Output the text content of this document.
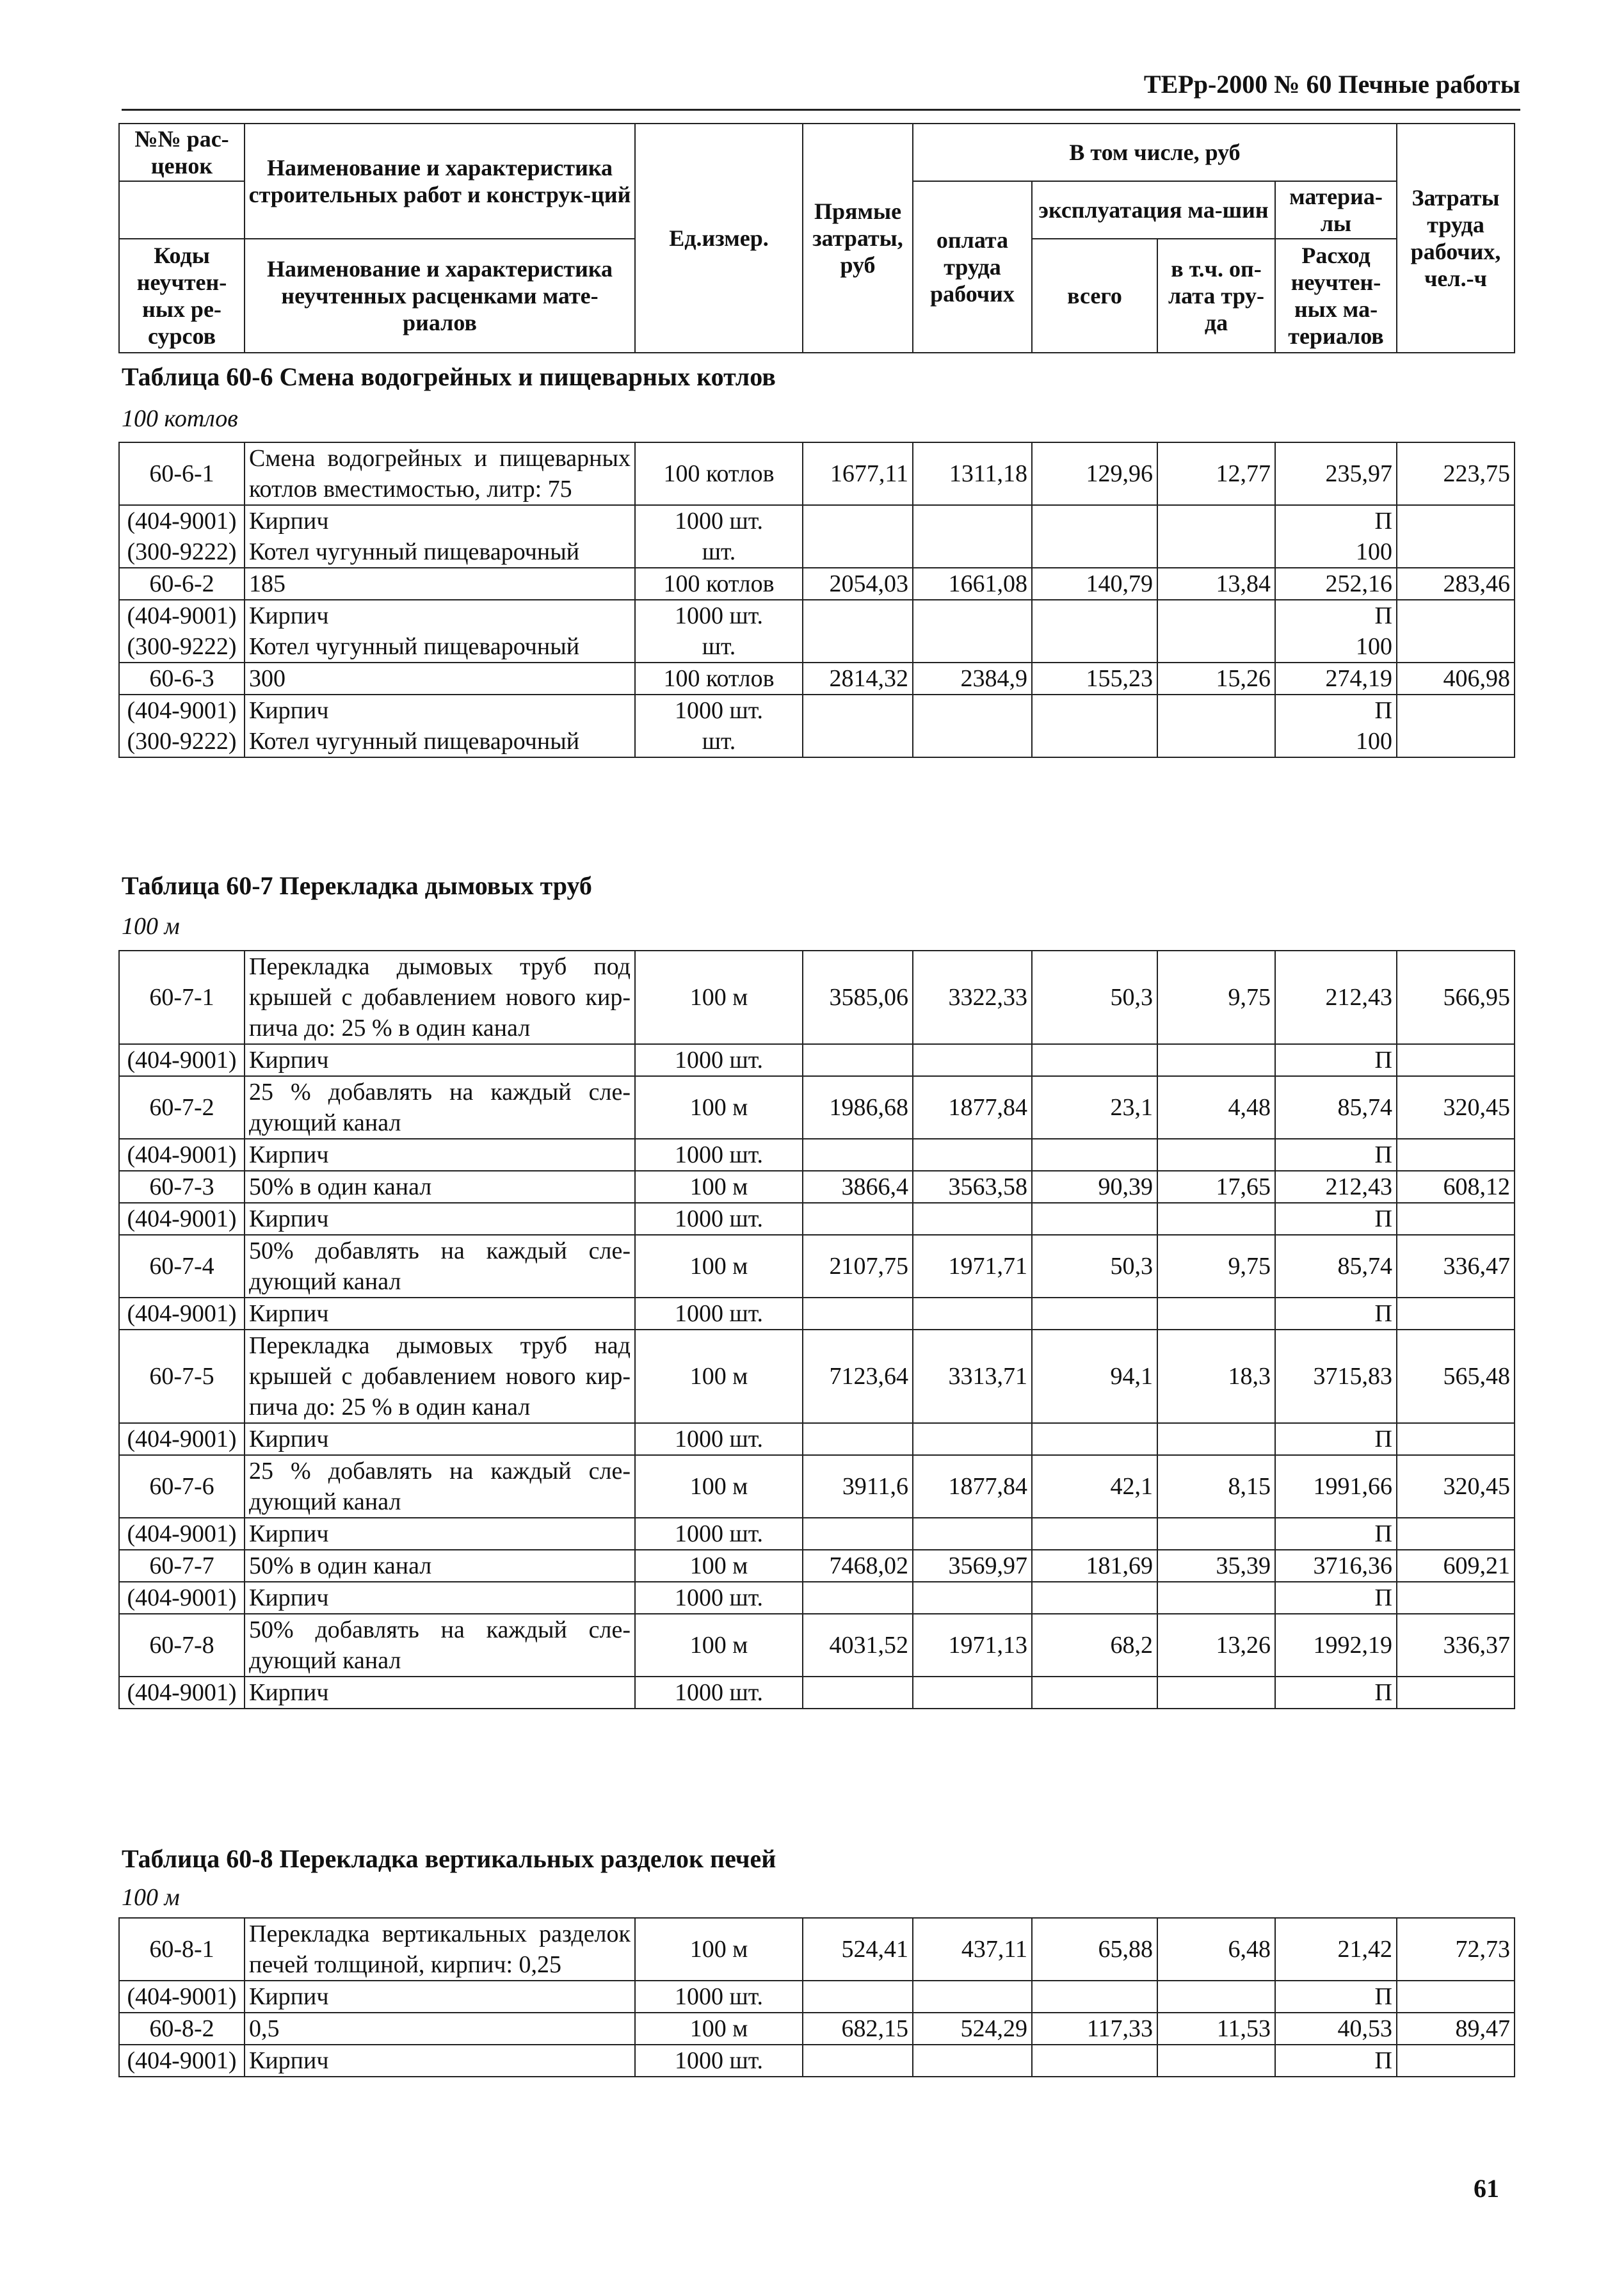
ТЕРр-2000 № 60 Печные работы
№№ рас-ценок	Наименование и характеристика строительных работ и конструк-ций	Ед.измер.	Прямые затраты, руб	В том числе, руб				Затраты труда рабочих, чел.-ч
				оплата труда рабочих	эксплуатация ма-шин		материа-лы	
Коды неучтен-ных ре-сурсов	Наименование и характеристика неучтенных расценками мате-риалов				всего	в т.ч. оп-лата тру-да	Расход неучтен-ных ма-териалов	

Таблица 60-6 Смена водогрейных и пищеварных котлов
100 котлов
60-6-1	Смена водогрейных и пищеварных котлов вместимостью, литр: 75	100 котлов	1677,11	1311,18	129,96	12,77	235,97	223,75
(404-9001)	Кирпич	1000 шт.					П	
(300-9222)	Котел чугунный пищеварочный	шт.					100	
60-6-2	185	100 котлов	2054,03	1661,08	140,79	13,84	252,16	283,46
(404-9001)	Кирпич	1000 шт.					П	
(300-9222)	Котел чугунный пищеварочный	шт.					100	
60-6-3	300	100 котлов	2814,32	2384,9	155,23	15,26	274,19	406,98
(404-9001)	Кирпич	1000 шт.					П	
(300-9222)	Котел чугунный пищеварочный	шт.					100	
Таблица 60-7 Перекладка дымовых труб
100 м
60-7-1	Перекладка дымовых труб под крышей с добавлением нового кир-пича до: 25 % в один канал	100 м	3585,06	3322,33	50,3	9,75	212,43	566,95
(404-9001)	Кирпич	1000 шт.					П	
60-7-2	25 % добавлять на каждый сле-дующий канал	100 м	1986,68	1877,84	23,1	4,48	85,74	320,45
(404-9001)	Кирпич	1000 шт.					П	
60-7-3	50% в один канал	100 м	3866,4	3563,58	90,39	17,65	212,43	608,12
(404-9001)	Кирпич	1000 шт.					П	
60-7-4	50% добавлять на каждый сле-дующий канал	100 м	2107,75	1971,71	50,3	9,75	85,74	336,47
(404-9001)	Кирпич	1000 шт.					П	
60-7-5	Перекладка дымовых труб над крышей с добавлением нового кир-пича до: 25 % в один канал	100 м	7123,64	3313,71	94,1	18,3	3715,83	565,48
(404-9001)	Кирпич	1000 шт.					П	
60-7-6	25 % добавлять на каждый сле-дующий канал	100 м	3911,6	1877,84	42,1	8,15	1991,66	320,45
(404-9001)	Кирпич	1000 шт.					П	
60-7-7	50% в один канал	100 м	7468,02	3569,97	181,69	35,39	3716,36	609,21
(404-9001)	Кирпич	1000 шт.					П	
60-7-8	50% добавлять на каждый сле-дующий канал	100 м	4031,52	1971,13	68,2	13,26	1992,19	336,37
(404-9001)	Кирпич	1000 шт.					П	
Таблица 60-8 Перекладка вертикальных разделок печей
100 м
60-8-1	Перекладка вертикальных разделок печей толщиной, кирпич: 0,25	100 м	524,41	437,11	65,88	6,48	21,42	72,73
(404-9001)	Кирпич	1000 шт.					П	
60-8-2	0,5	100 м	682,15	524,29	117,33	11,53	40,53	89,47
(404-9001)	Кирпич	1000 шт.					П	
61
